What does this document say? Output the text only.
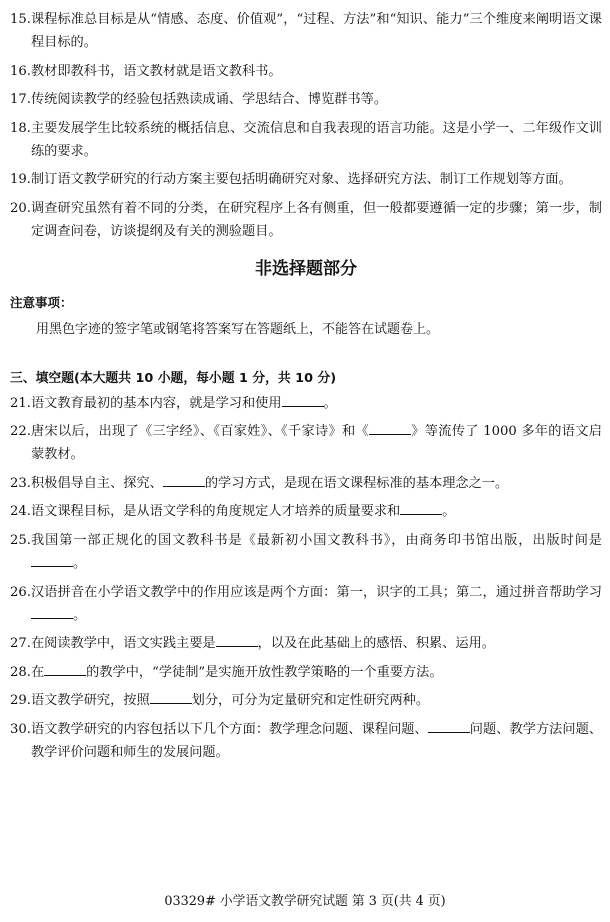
15. 课程标准总目标是从“情感、态度、价值观”，“过程、方法”和“知识、能力”三个维度来阐明语文课程目标的。
16. 教材即教科书，语文教材就是语文教科书。
17. 传统阅读教学的经验包括熟读成诵、学思结合、博览群书等。
18. 主要发展学生比较系统的概括信息、交流信息和自我表现的语言功能。这是小学一、二年级作文训练的要求。
19. 制订语文教学研究的行动方案主要包括明确研究对象、选择研究方法、制订工作规划等方面。
20. 调查研究虽然有着不同的分类，在研究程序上各有侧重，但一般都要遵循一定的步骤；第一步，制定调查问卷，访谈提纲及有关的测验题目。
非选择题部分
注意事项：
用黑色字迹的签字笔或钢笔将答案写在答题纸上，不能答在试题卷上。
三、填空题(本大题共 10 小题，每小题 1 分，共 10 分)
21. 语文教育最初的基本内容，就是学习和使用	。
22. 唐宋以后，出现了《三字经》、《百家姓》、《千家诗》和《	》等流传了 1000 多年的语文启蒙教材。
23. 积极倡导自主、探究、	的学习方式，是现在语文课程标准的基本理念之一。
24. 语文课程目标，是从语文学科的角度规定人才培养的质量要求和	。
25. 我国第一部正规化的国文教科书是《最新初小国文教科书》，由商务印书馆出版，出版时间是。
26. 汉语拼音在小学语文教学中的作用应该是两个方面：第一，识字的工具；第二，通过拼音帮助学习。
27. 在阅读教学中，语文实践主要是	，以及在此基础上的感悟、积累、运用。
28. 在	的教学中，“学徒制”是实施开放性教学策略的一个重要方法。
29. 语文教学研究，按照	划分，可分为定量研究和定性研究两种。
30. 语文教学研究的内容包括以下几个方面：教学理念问题、课程问题、	问题、教学方法问题、教学评价问题和师生的发展问题。
03329# 小学语文教学研究试题 第 3 页(共 4 页)
